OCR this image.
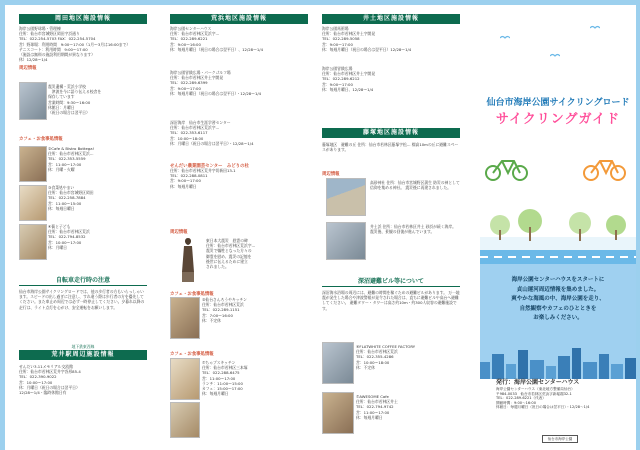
岡田地区施設情報
海岸公園野球場・管理棟
住所：仙台市宮城野区岡田字浜通り
TEL：022-254-5703 FAX：022-254-5704
営）野球場：利用時間　9:00～17:00（1月～3月は16:00まで）
テニスコート：利用時間　9:00～17:00
（施設は無料の施設利用期間が異なります）
休）12/28～1/4
周辺情報
震災遺構・荒浜小学校
　津波を今に語り伝える校舎を
保存しています
営業時間：9:30～16:00
休館日：月曜日
（祝日の場合は翌平日）
カフェ・お食事処情報
②Cafe & Bistro Bottega!
住所：仙台市若林区荒浜…
TEL：022-353-5559
営：11:00～17:00
休：月曜・火曜
③食菜処やまい
住所：仙台市宮城野区岡田
TEL：022-258-7884
営：11:00～15:00
休：毎週日曜日
④蕎と子ども
住所：仙台市若林区荒浜
TEL：022-794-8532
営：10:00～17:00
休：月曜日
自転車走行時の注意
仙台市海岸公園サイクリングロードでは、他の歩行者の方もいらっしゃいます。スピードの出し過ぎに注意し、すれ違う際は歩行者の方を優先してください。また車止め周辺では必ず一時停止してください。夕暮れ以降の走行は、ライト点灯を心がけ、安全運転をお願いします。
地下鉄東西線
荒井駅周辺施設情報
せんだい3.11メモリアル交流館
住所：仙台市若林区荒井字沓形85-4
TEL：022-390-9022
営：10:00～17:00
休：月曜日（祝日の場合は翌平日）
12/28～1/4・臨時休館日有
荒浜地区施設情報
海岸公園センターハウス
住所：仙台市若林区荒浜字…
TEL：022-289-6221
営：9:00～16:00
休：毎週月曜日（祝日の場合は翌平日）、12/28～1/4
海岸公園冒険広場・パークゴルフ場
住所：仙台市若林区井土字開発
TEL：022-289-6399
営：9:00～17:00
休：毎週月曜日（祝日の場合は翌平日）・12/28～1/4
深沼海岸　仙台市生涯学習センター
住所：仙台市若林区荒浜字…
TEL：022-353-6117
営：10:00～18:00
休：月曜日（祝日の場合は翌平日）・12/28～1/4
せんだい農業園芸センター　みどりの杜
住所：仙台市若林区荒井字切新田13-1
TEL：022-288-0811
営：9:00～17:00
休：毎週月曜日
周辺情報
東日本大震災　慰霊の碑
住所：仙台市若林区荒浜字…
震災で犠牲となった方々の
御霊を慰め、震災の記憶を
後世に伝えるために建立
されました。
カフェ・お食事処情報
⑤仙台さんろうやキッチン
住所：仙台市若林区荒浜
TEL：022-289-1151
営：7:00～16:00
休：不定休
カフェ・お食事処情報
⑦ちゃブスキッチン
住所：仙台市若林区三本塚
TEL：022-288-6475
営：11:00～17:00
ランチ：11:00～15:00
カフェ：15:00～17:00
休：毎週月曜日
井土地区施設情報
海岸公園馬術場
住所：仙台市若林区井土字開発
TEL：022-289-5058
営：9:00～17:00
休：毎週月曜日（祝日の場合は翌平日）12/28～1/4
海岸公園冒険広場
住所：仙台市若林区井土字開発
TEL：022-289-6212
営：9:00～17:00
休：毎週月曜日、12/28～1/4
藤塚地区施設情報
藤塚地区　避難の丘 住所：仙台市若林区藤塚字松… 標高10mの丘に避難スペースがあります。
周辺情報
高砂神社 住所：仙台市宮城野区蒲生 防災の神として信仰を集める神社。 震災後に再建されました。
井土浜 住所：仙台市若林区井土 砂浜が続く海岸。 震災後、景観の回復が進んでいます。
深沼避難ビル等について
深沼海水浴場の周辺には、避難の時間を稼ぐための避難ビルがあります。 万一地震が発生した場合や津波警報が発令された場合は、直ちに避難ビルや高台へ避難してください。 避難タワー・タワーは高さ約10m・約300人収容の避難施設です。
⑥FLATWHITE COFFEE FACTORY
住所：仙台市若林区荒浜
TEL：022-355-4286
営：10:00～18:00
休：不定休
⑦AWESOME Cafe
住所：仙台市若林区井土
TEL：022-794-9742
営：11:00～17:00
休：毎週月曜日
仙台市海岸公園サイクリングロード
サイクリングガイド
海岸公園センターハウスをスタートに
貞山運河周辺情報を集めました。
爽やかな海風の中、海岸公園を走り、
自然観察やカフェのひとときを
お楽しみください。
発行：海岸公園センターハウス
海岸公園センターハウス（東北地方整備局仙台）
〒984-0033　仙台市若林区荒浜字新堀端32-1
TEL：022-289-6221（代表）
開館時間：9:00～16:00
休館日：毎週月曜日（祝日の場合は翌平日）・12/28～1/4
仙台市海岸公園
